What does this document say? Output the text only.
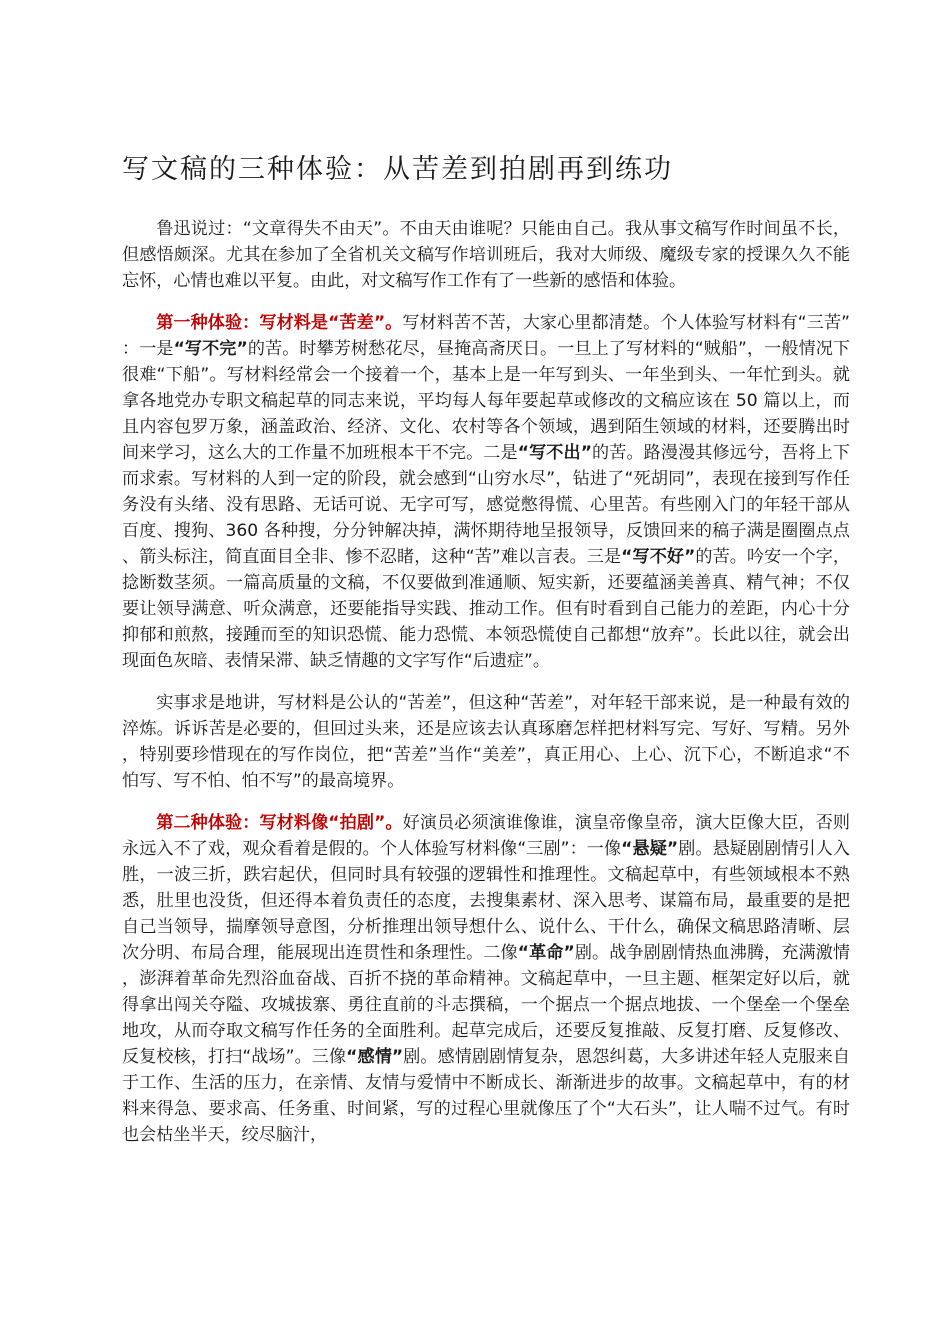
写文稿的三种体验：从苦差到拍剧再到练功

鲁迅说过：“文章得失不由天”。不由天由谁呢？只能由自己。我从事文稿写作时间虽不长，但感悟颇深。尤其在参加了全省机关文稿写作培训班后，我对大师级、魔级专家的授课久久不能忘怀，心情也难以平复。由此，对文稿写作工作有了一些新的感悟和体验。

第一种体验：写材料是“苦差”。写材料苦不苦，大家心里都清楚。个人体验写材料有“三苦”：一是“写不完”的苦。时攀芳树愁花尽，昼掩高斋厌日。一旦上了写材料的“贼船”，一般情况下很难“下船”。写材料经常会一个接着一个，基本上是一年写到头、一年坐到头、一年忙到头。就拿各地党办专职文稿起草的同志来说，平均每人每年要起草或修改的文稿应该在 50 篇以上，而且内容包罗万象，涵盖政治、经济、文化、农村等各个领域，遇到陌生领域的材料，还要腾出时间来学习，这么大的工作量不加班根本干不完。二是“写不出”的苦。路漫漫其修远兮，吾将上下而求索。写材料的人到一定的阶段，就会感到“山穷水尽”，钻进了“死胡同”，表现在接到写作任务没有头绪、没有思路、无话可说、无字可写，感觉憋得慌、心里苦。有些刚入门的年轻干部从百度、搜狗、360 各种搜，分分钟解决掉，满怀期待地呈报领导，反馈回来的稿子满是圈圈点点、箭头标注，简直面目全非、惨不忍睹，这种“苦”难以言表。三是“写不好”的苦。吟安一个字，捻断数茎须。一篇高质量的文稿，不仅要做到准通顺、短实新，还要蕴涵美善真、精气神；不仅要让领导满意、听众满意，还要能指导实践、推动工作。但有时看到自己能力的差距，内心十分抑郁和煎熬，接踵而至的知识恐慌、能力恐慌、本领恐慌使自己都想“放弃”。长此以往，就会出现面色灰暗、表情呆滞、缺乏情趣的文字写作“后遗症”。

实事求是地讲，写材料是公认的“苦差”，但这种“苦差”，对年轻干部来说，是一种最有效的淬炼。诉诉苦是必要的，但回过头来，还是应该去认真琢磨怎样把材料写完、写好、写精。另外，特别要珍惜现在的写作岗位，把“苦差”当作“美差”，真正用心、上心、沉下心，不断追求“不怕写、写不怕、怕不写”的最高境界。

第二种体验：写材料像“拍剧”。好演员必须演谁像谁，演皇帝像皇帝，演大臣像大臣，否则永远入不了戏，观众看着是假的。个人体验写材料像“三剧”：一像“悬疑”剧。悬疑剧剧情引人入胜，一波三折，跌宕起伏，但同时具有较强的逻辑性和推理性。文稿起草中，有些领域根本不熟悉，肚里也没货，但还得本着负责任的态度，去搜集素材、深入思考、谋篇布局，最重要的是把自己当领导，揣摩领导意图，分析推理出领导想什么、说什么、干什么，确保文稿思路清晰、层次分明、布局合理，能展现出连贯性和条理性。二像“革命”剧。战争剧剧情热血沸腾，充满激情，澎湃着革命先烈浴血奋战、百折不挠的革命精神。文稿起草中，一旦主题、框架定好以后，就得拿出闯关夺隘、攻城拔寨、勇往直前的斗志撰稿，一个据点一个据点地拔、一个堡垒一个堡垒地攻，从而夺取文稿写作任务的全面胜利。起草完成后，还要反复推敲、反复打磨、反复修改、反复校核，打扫“战场”。三像“感情”剧。感情剧剧情复杂，恩怨纠葛，大多讲述年轻人克服来自于工作、生活的压力，在亲情、友情与爱情中不断成长、渐渐进步的故事。文稿起草中，有的材料来得急、要求高、任务重、时间紧，写的过程心里就像压了个“大石头”，让人喘不过气。有时也会枯坐半天，绞尽脑汁，
